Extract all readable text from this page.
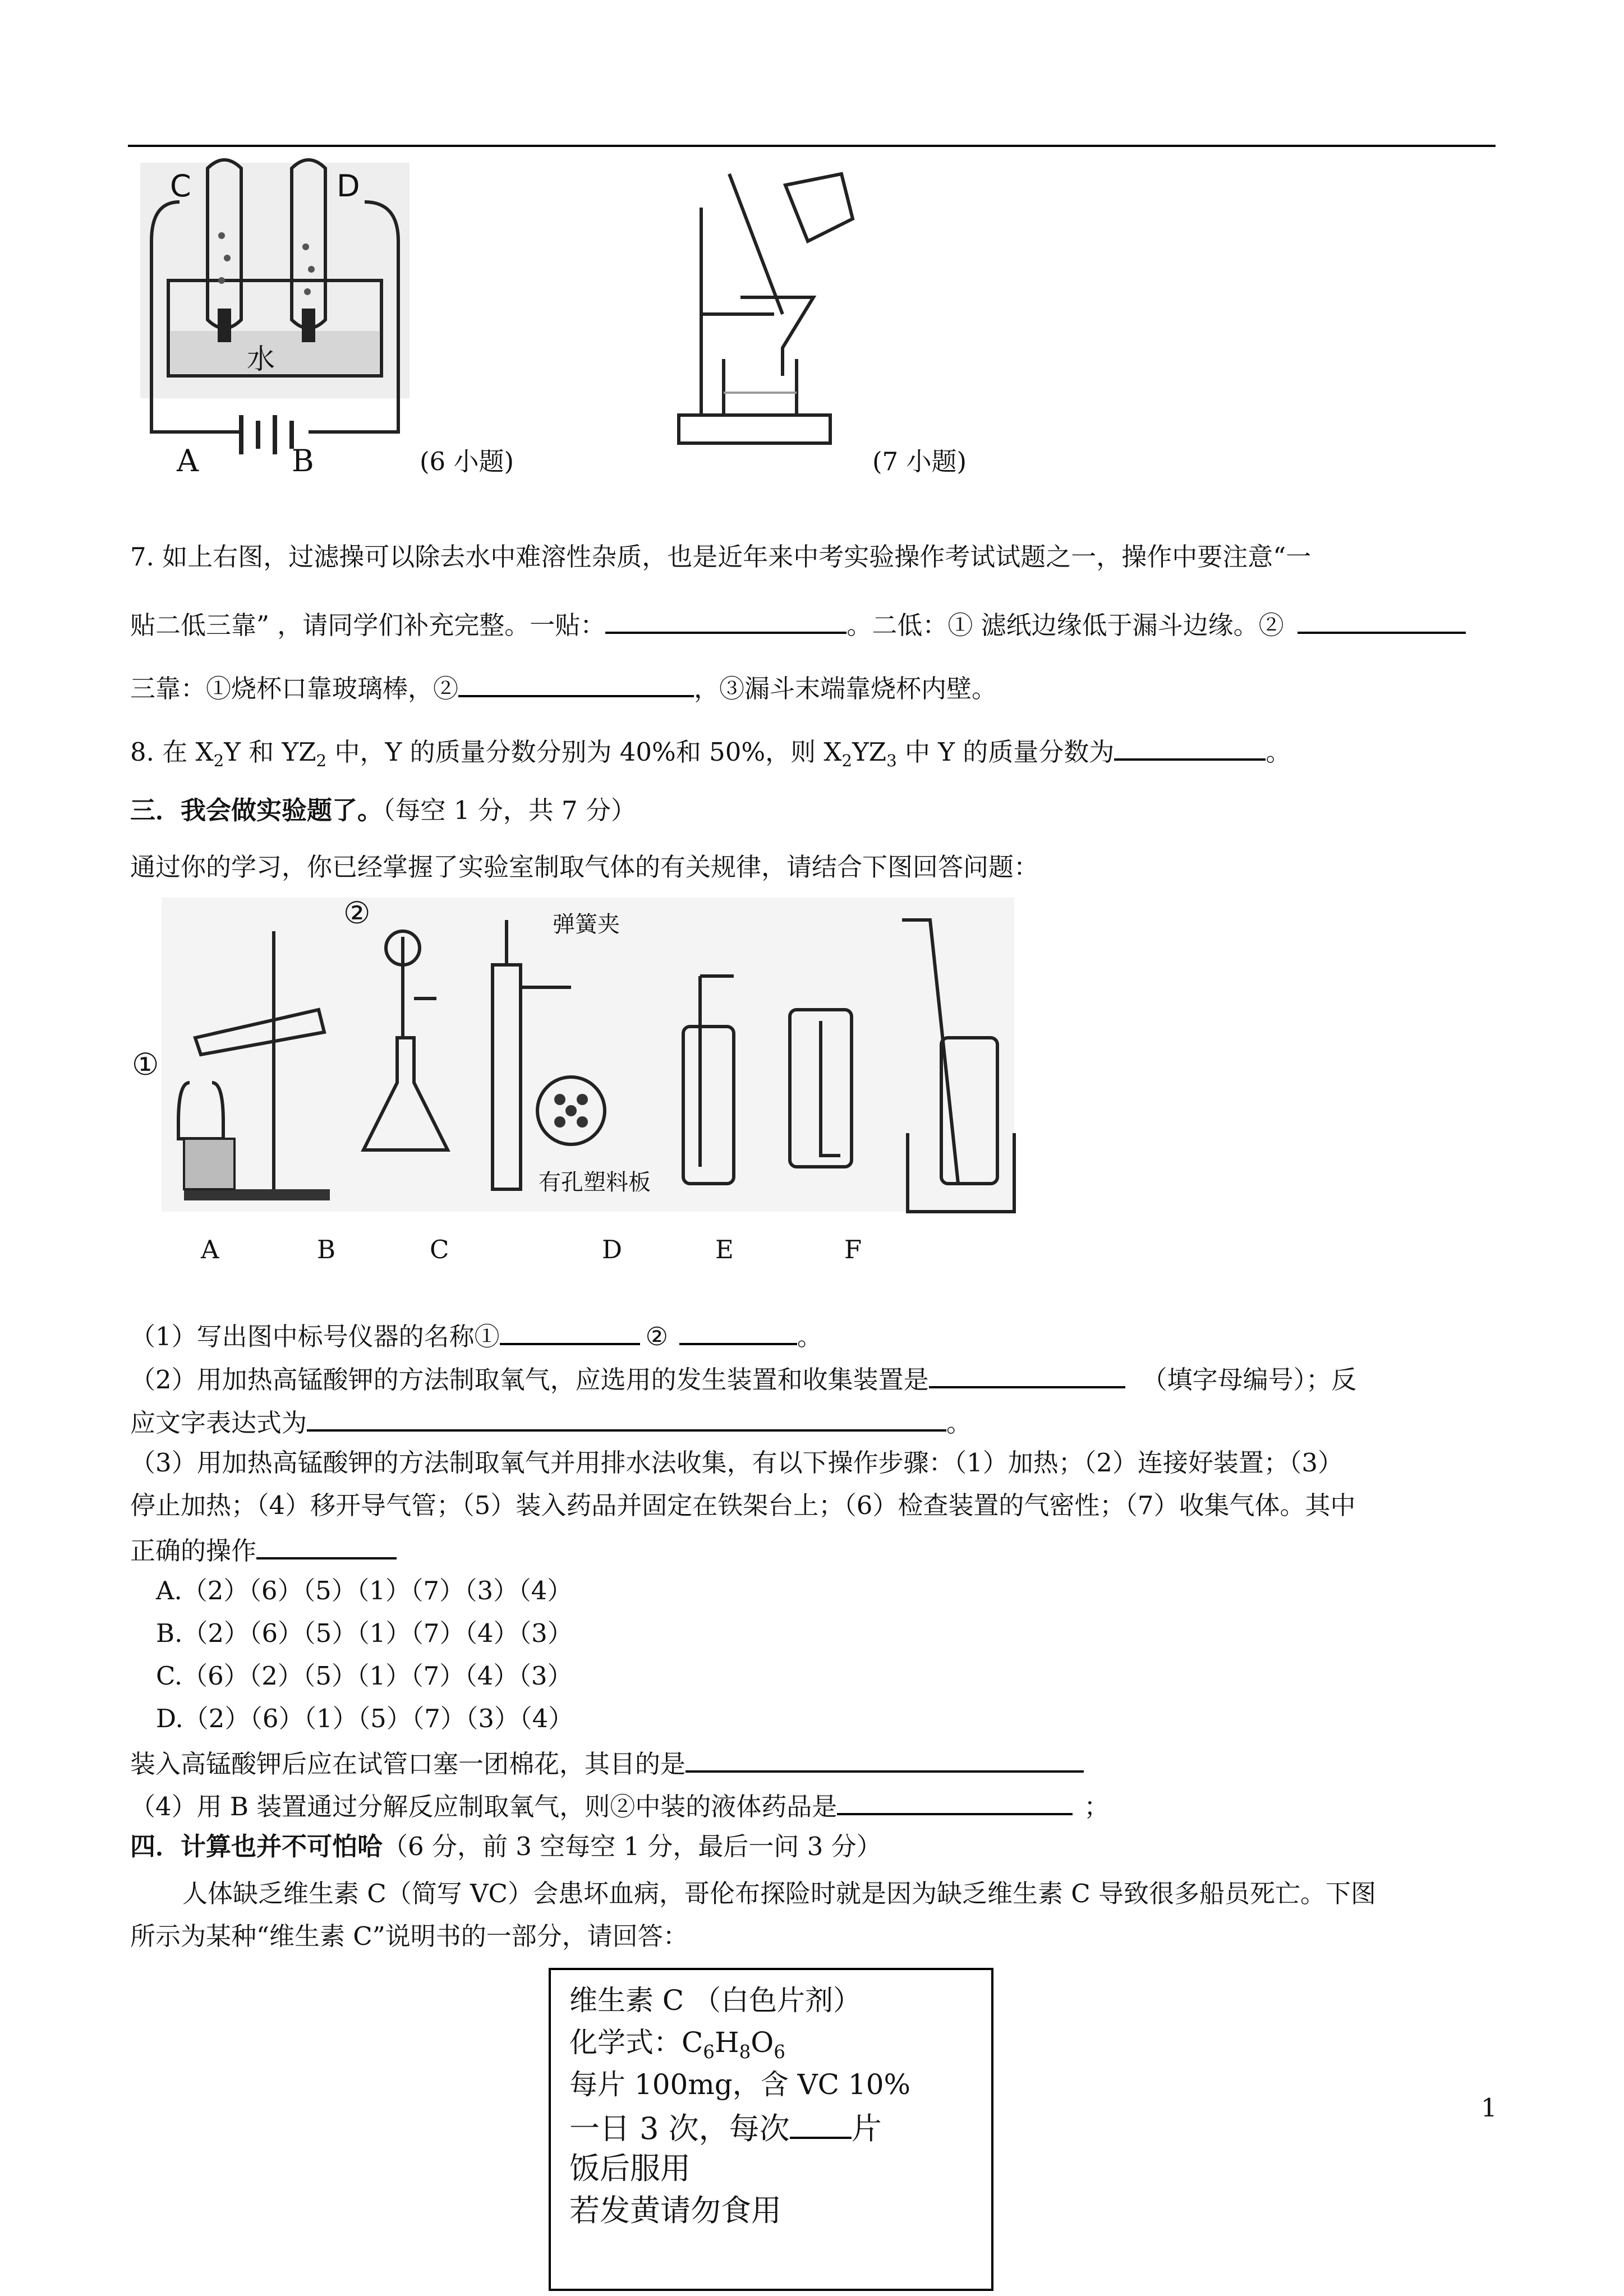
C	D
水
A	B	(6 小题)	(7 小题)
7. 如上右图，过滤操可以除去水中难溶性杂质，也是近年来中考实验操作考试试题之一，操作中要注意“一
贴二低三靠” ，请同学们补充完整。一贴：	。二低：① 滤纸边缘低于漏斗边缘。②
三靠：①烧杯口靠玻璃棒，②	，③漏斗末端靠烧杯内壁。
8. 在 $X_2Y$ 和 $YZ_2$ 中，Y 的质量分数分别为 40%和 50%，则 $X_2YZ_3$ 中 Y 的质量分数为	。
三．我会做实验题了。（每空 1 分，共 7 分）
通过你的学习，你已经掌握了实验室制取气体的有关规律，请结合下图回答问题：
①
②	弹簧夹
有孔塑料板
A	B	C	D	E	F
（1）写出图中标号仪器的名称①	②	。
（2）用加热高锰酸钾的方法制取氧气，应选用的发生装置和收集装置是	（填字母编号）；反
应文字表达式为	。
（3）用加热高锰酸钾的方法制取氧气并用排水法收集，有以下操作步骤：（1）加热；（2）连接好装置；（3）
停止加热；（4）移开导气管；（5）装入药品并固定在铁架台上；（6）检查装置的气密性；（7）收集气体。其中
正确的操作
A.（2）（6）（5）（1）（7）（3）（4）
B.（2）（6）（5）（1）（7）（4）（3）
C.（6）（2）（5）（1）（7）（4）（3）
D.（2）（6）（1）（5）（7）（3）（4）
装入高锰酸钾后应在试管口塞一团棉花，其目的是
（4）用 B 装置通过分解反应制取氧气，则②中装的液体药品是	；
四．计算也并不可怕哈（6 分，前 3 空每空 1 分，最后一问 3 分）
人体缺乏维生素 C（简写 VC）会患坏血病，哥伦布探险时就是因为缺乏维生素 C 导致很多船员死亡。下图
所示为某种“维生素 C”说明书的一部分，请回答：
维生素 C （白色片剂）
化学式：$C_6H_8O_6$
每片 100mg，含 VC 10%
一日 3 次，每次 片
饭后服用
若发黄请勿食用
1
